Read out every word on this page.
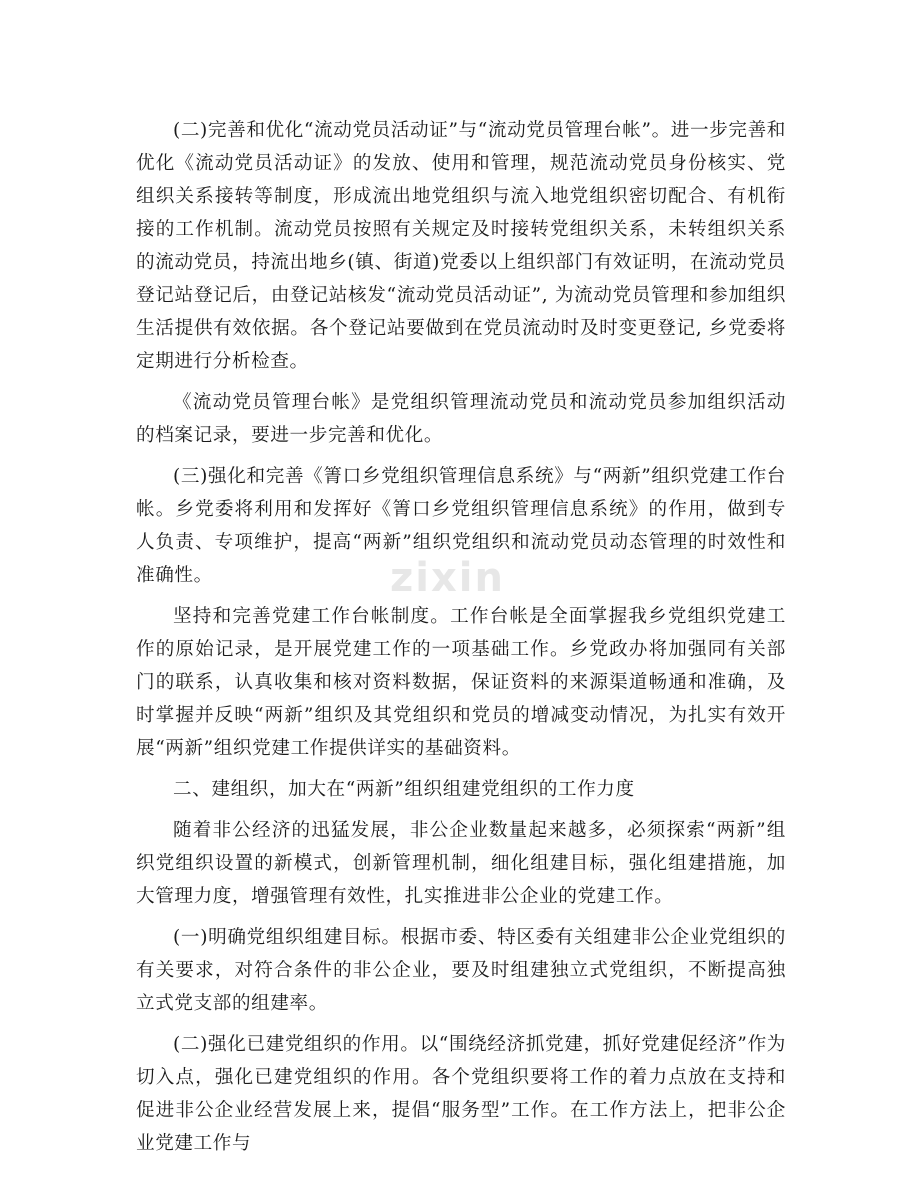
(二)完善和优化“流动党员活动证”与“流动党员管理台帐”。进一步完善和优化《流动党员活动证》的发放、使用和管理，规范流动党员身份核实、党组织关系接转等制度，形成流出地党组织与流入地党组织密切配合、有机衔接的工作机制。流动党员按照有关规定及时接转党组织关系，未转组织关系的流动党员，持流出地乡(镇、街道)党委以上组织部门有效证明，在流动党员登记站登记后，由登记站核发“流动党员活动证”, 为流动党员管理和参加组织生活提供有效依据。各个登记站要做到在党员流动时及时变更登记, 乡党委将定期进行分析检查。

《流动党员管理台帐》是党组织管理流动党员和流动党员参加组织活动的档案记录，要进一步完善和优化。

(三)强化和完善《箐口乡党组织管理信息系统》与“两新”组织党建工作台帐。乡党委将利用和发挥好《箐口乡党组织管理信息系统》的作用，做到专人负责、专项维护，提高“两新”组织党组织和流动党员动态管理的时效性和准确性。

坚持和完善党建工作台帐制度。工作台帐是全面掌握我乡党组织党建工作的原始记录，是开展党建工作的一项基础工作。乡党政办将加强同有关部门的联系，认真收集和核对资料数据，保证资料的来源渠道畅通和准确，及时掌握并反映“两新”组织及其党组织和党员的增减变动情况，为扎实有效开展“两新”组织党建工作提供详实的基础资料。

二、建组织，加大在“两新”组织组建党组织的工作力度

随着非公经济的迅猛发展，非公企业数量起来越多，必须探索“两新”组织党组织设置的新模式，创新管理机制，细化组建目标，强化组建措施，加大管理力度，增强管理有效性，扎实推进非公企业的党建工作。

(一)明确党组织组建目标。根据市委、特区委有关组建非公企业党组织的有关要求，对符合条件的非公企业，要及时组建独立式党组织，不断提高独立式党支部的组建率。

(二)强化已建党组织的作用。以“围绕经济抓党建，抓好党建促经济”作为切入点，强化已建党组织的作用。各个党组织要将工作的着力点放在支持和促进非公企业经营发展上来，提倡“服务型”工作。在工作方法上，把非公企业党建工作与

zixin
